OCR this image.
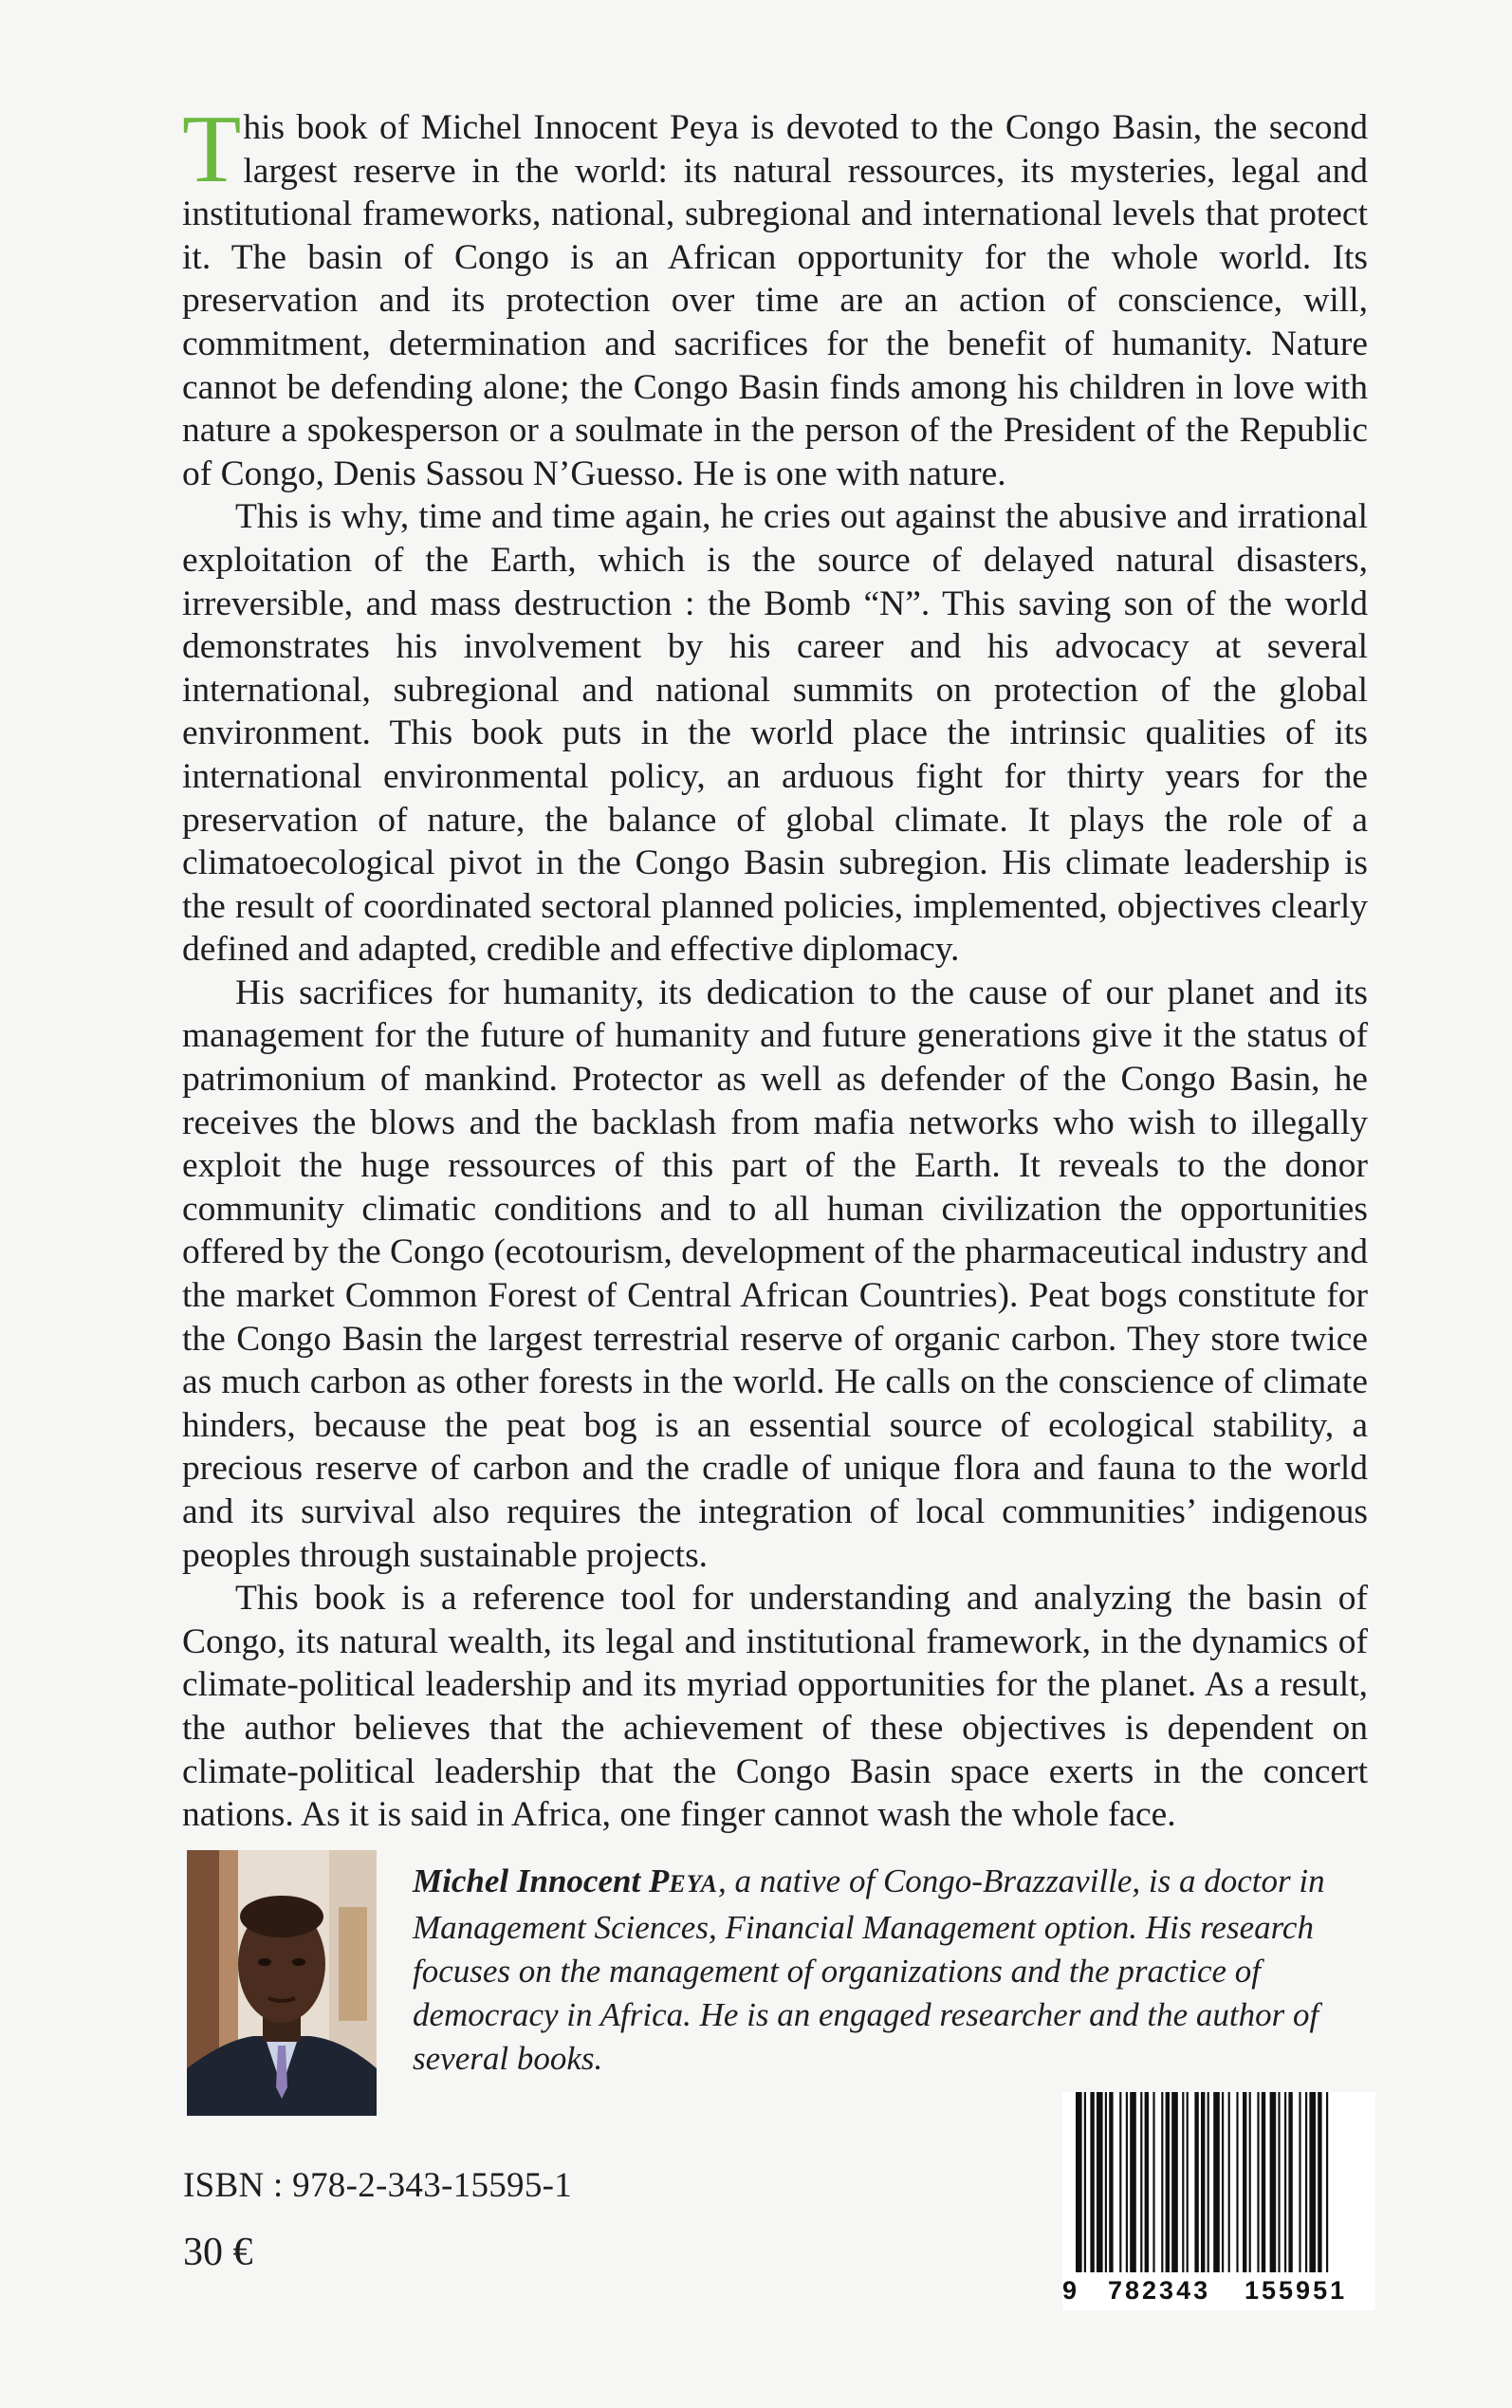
This book of Michel Innocent Peya is devoted to the Congo Basin, the second largest reserve in the world: its natural ressources, its mysteries, legal and institutional frameworks, national, subregional and international levels that protect it. The basin of Congo is an African opportunity for the whole world. Its preservation and its protection over time are an action of conscience, will, commitment, determination and sacrifices for the benefit of humanity. Nature cannot be defending alone; the Congo Basin finds among his children in love with nature a spokesperson or a soulmate in the person of the President of the Republic of Congo, Denis Sassou N’Guesso. He is one with nature.

This is why, time and time again, he cries out against the abusive and irrational exploitation of the Earth, which is the source of delayed natural disasters, irreversible, and mass destruction : the Bomb “N”. This saving son of the world demonstrates his involvement by his career and his advocacy at several international, subregional and national summits on protection of the global environment. This book puts in the world place the intrinsic qualities of its international environmental policy, an arduous fight for thirty years for the preservation of nature, the balance of global climate. It plays the role of a climatoecological pivot in the Congo Basin subregion. His climate leadership is the result of coordinated sectoral planned policies, implemented, objectives clearly defined and adapted, credible and effective diplomacy.

His sacrifices for humanity, its dedication to the cause of our planet and its management for the future of humanity and future generations give it the status of patrimonium of mankind. Protector as well as defender of the Congo Basin, he receives the blows and the backlash from mafia networks who wish to illegally exploit the huge ressources of this part of the Earth. It reveals to the donor community climatic conditions and to all human civilization the opportunities offered by the Congo (ecotourism, development of the pharmaceutical industry and the market Common Forest of Central African Countries). Peat bogs constitute for the Congo Basin the largest terrestrial reserve of organic carbon. They store twice as much carbon as other forests in the world. He calls on the conscience of climate hinders, because the peat bog is an essential source of ecological stability, a precious reserve of carbon and the cradle of unique flora and fauna to the world and its survival also requires the integration of local communities’ indigenous peoples through sustainable projects.

This book is a reference tool for understanding and analyzing the basin of Congo, its natural wealth, its legal and institutional framework, in the dynamics of climate-political leadership and its myriad opportunities for the planet. As a result, the author believes that the achievement of these objectives is dependent on climate-political leadership that the Congo Basin space exerts in the concert nations. As it is said in Africa, one finger cannot wash the whole face.

Michel Innocent PEYA, a native of Congo-Brazzaville, is a doctor in Management Sciences, Financial Management option. His research focuses on the management of organizations and the practice of democracy in Africa. He is an engaged researcher and the author of several books.
ISBN : 978-2-343-15595-1
30 €
9 782343 155951
